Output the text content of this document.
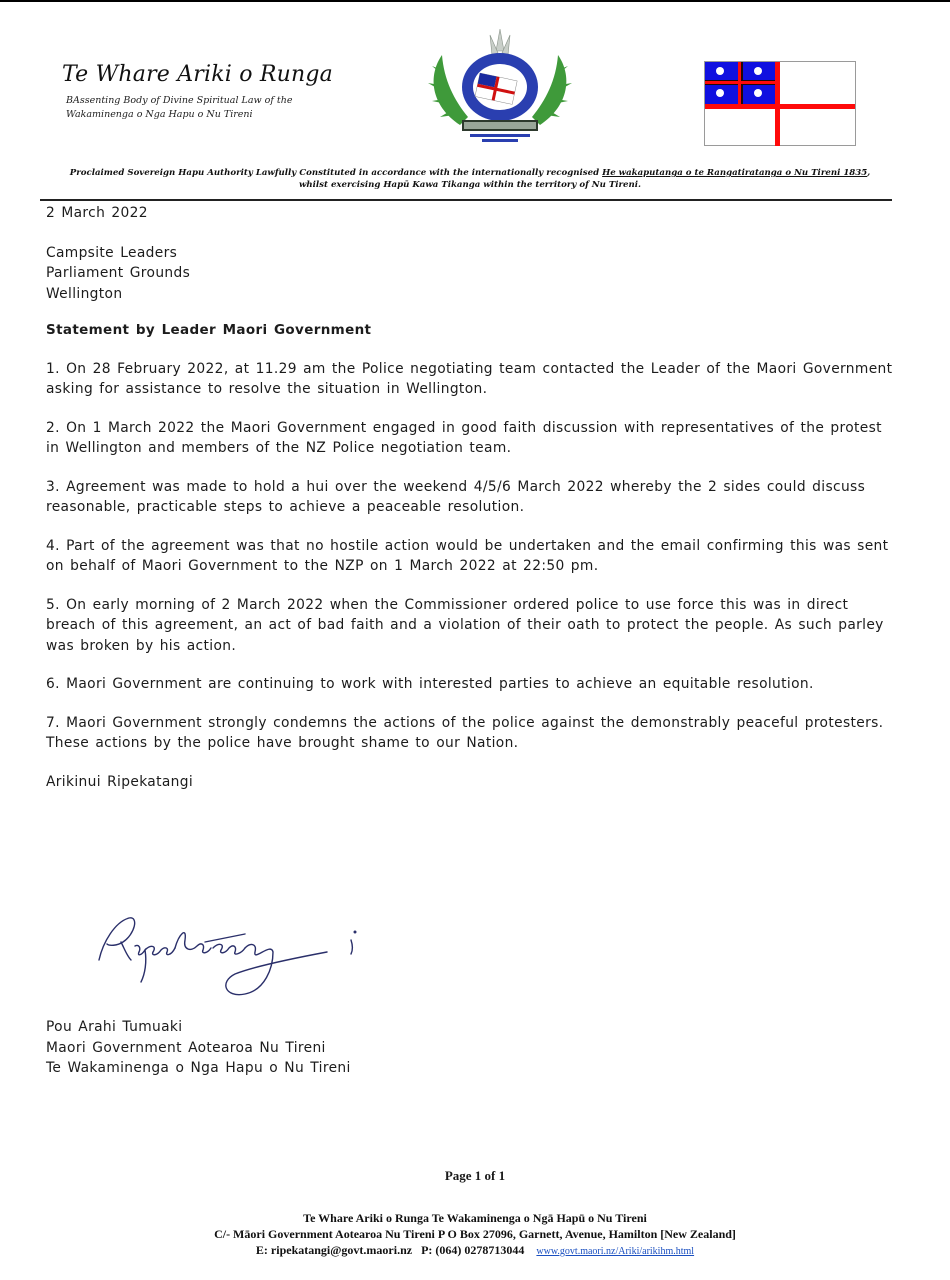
Te Whare Ariki o Runga
BAssenting Body of Divine Spiritual Law of the
Wakaminenga o Nga Hapu o Nu Tireni
Proclaimed Sovereign Hapu Authority Lawfully Constituted in accordance with the internationally recognised He wakaputanga o te Rangatiratanga o Nu Tireni 1835, whilst exercising Hapū Kawa Tikanga within the territory of Nu Tireni.
2 March 2022
Campsite Leaders
Parliament Grounds
Wellington
Statement by Leader Maori Government

1. On 28 February 2022, at 11.29 am the Police negotiating team contacted the Leader of the Maori Government asking for assistance to resolve the situation in Wellington.

2. On 1 March 2022 the Maori Government engaged in good faith discussion with representatives of the protest in Wellington and members of the NZ Police negotiation team.

3. Agreement was made to hold a hui over the weekend 4/5/6 March 2022 whereby the 2 sides could discuss reasonable, practicable steps to achieve a peaceable resolution.

4. Part of the agreement was that no hostile action would be undertaken and the email confirming this was sent on behalf of Maori Government to the NZP on 1 March 2022 at 22:50 pm.

5. On early morning of 2 March 2022 when the Commissioner ordered police to use force this was in direct breach of this agreement, an act of bad faith and a violation of their oath to protect the people. As such parley was broken by his action.

6. Maori Government are continuing to work with interested parties to achieve an equitable resolution.

7. Maori Government strongly condemns the actions of the police against the demonstrably peaceful protesters. These actions by the police have brought shame to our Nation.

Arikinui Ripekatangi
Pou Arahi Tumuaki
Maori Government Aotearoa Nu Tireni
Te Wakaminenga o Nga Hapu o Nu Tireni
Page 1 of 1
Te Whare Ariki o Runga Te Wakaminenga o Ngā Hapū o Nu Tireni
C/- Māori Government Aotearoa Nu Tireni P O Box 27096, Garnett, Avenue, Hamilton [New Zealand]
E: ripekatangi@govt.maori.nz   P: (064) 0278713044 www.govt.maori.nz/Ariki/arikihm.html
